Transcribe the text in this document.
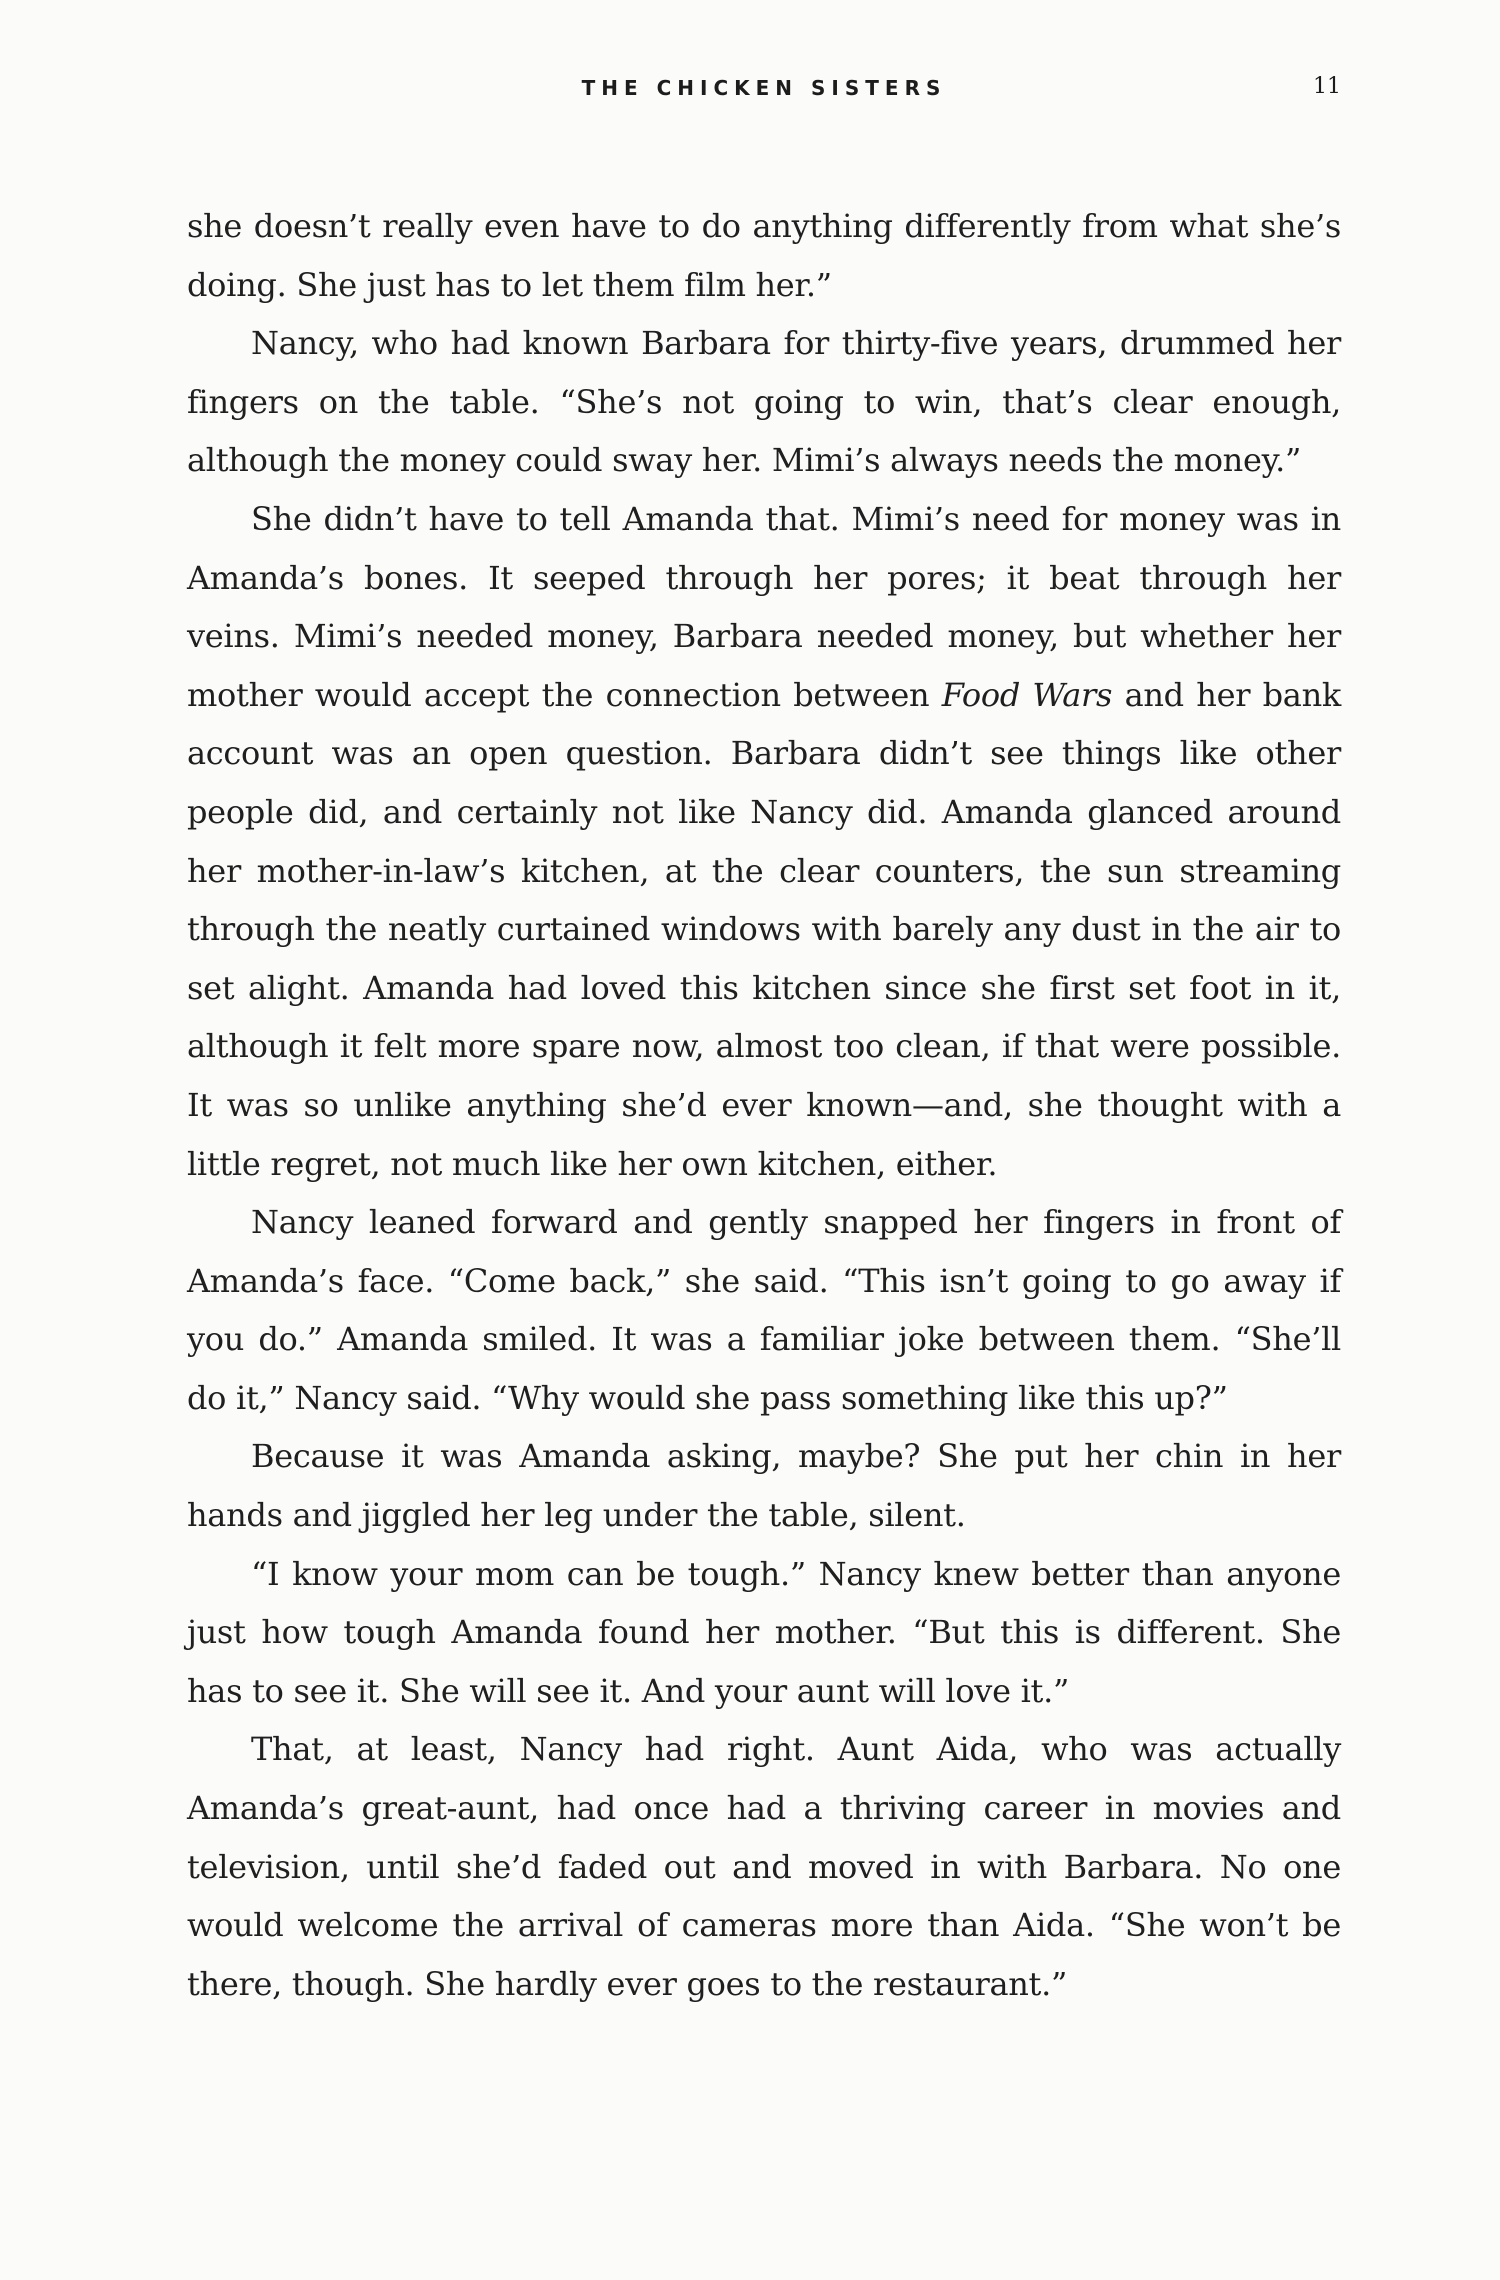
THE CHICKEN SISTERS	11

she doesn’t really even have to do anything differently from what she’s doing. She just has to let them film her.”

Nancy, who had known Barbara for thirty-five years, drummed her fingers on the table. “She’s not going to win, that’s clear enough, although the money could sway her. Mimi’s always needs the money.”

She didn’t have to tell Amanda that. Mimi’s need for money was in Amanda’s bones. It seeped through her pores; it beat through her veins. Mimi’s needed money, Barbara needed money, but whether her mother would accept the connection between Food Wars and her bank account was an open question. Barbara didn’t see things like other people did, and certainly not like Nancy did. Amanda glanced around her mother-in-law’s kitchen, at the clear counters, the sun streaming through the neatly curtained windows with barely any dust in the air to set alight. Amanda had loved this kitchen since she first set foot in it, although it felt more spare now, almost too clean, if that were possible. It was so unlike anything she’d ever known—and, she thought with a little regret, not much like her own kitchen, either.

Nancy leaned forward and gently snapped her fingers in front of Amanda’s face. “Come back,” she said. “This isn’t going to go away if you do.” Amanda smiled. It was a familiar joke between them. “She’ll do it,” Nancy said. “Why would she pass something like this up?”

Because it was Amanda asking, maybe? She put her chin in her hands and jiggled her leg under the table, silent.

“I know your mom can be tough.” Nancy knew better than anyone just how tough Amanda found her mother. “But this is different. She has to see it. She will see it. And your aunt will love it.”

That, at least, Nancy had right. Aunt Aida, who was actually Amanda’s great-aunt, had once had a thriving career in movies and television, until she’d faded out and moved in with Barbara. No one would welcome the arrival of cameras more than Aida. “She won’t be there, though. She hardly ever goes to the restaurant.”
